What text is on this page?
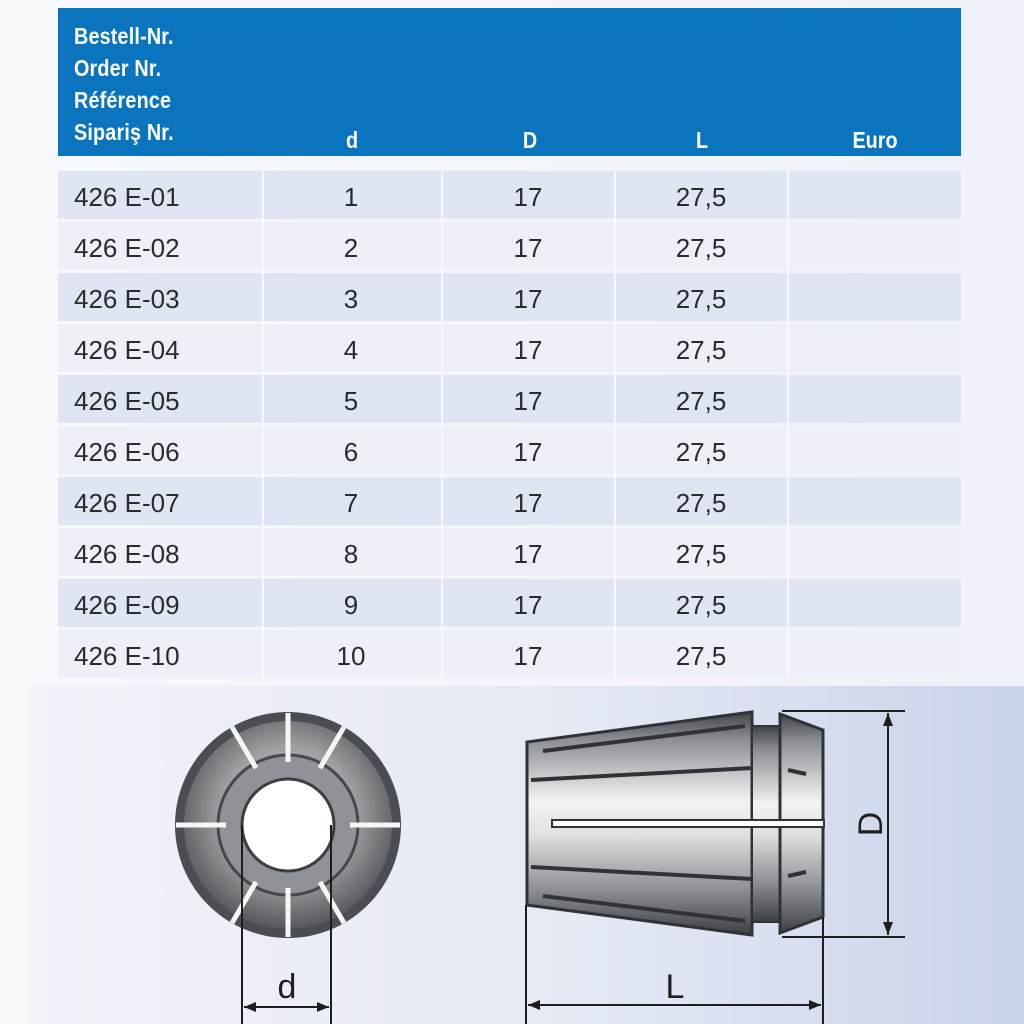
Bestell-Nr.
Order Nr.
Référence
Sipariş Nr.	d	D	L	Euro
426 E-01	1	17	27,5
426 E-02	2	17	27,5
426 E-03	3	17	27,5
426 E-04	4	17	27,5
426 E-05	5	17	27,5
426 E-06	6	17	27,5
426 E-07	7	17	27,5
426 E-08	8	17	27,5
426 E-09	9	17	27,5
426 E-10	10	17	27,5
d
D
L
